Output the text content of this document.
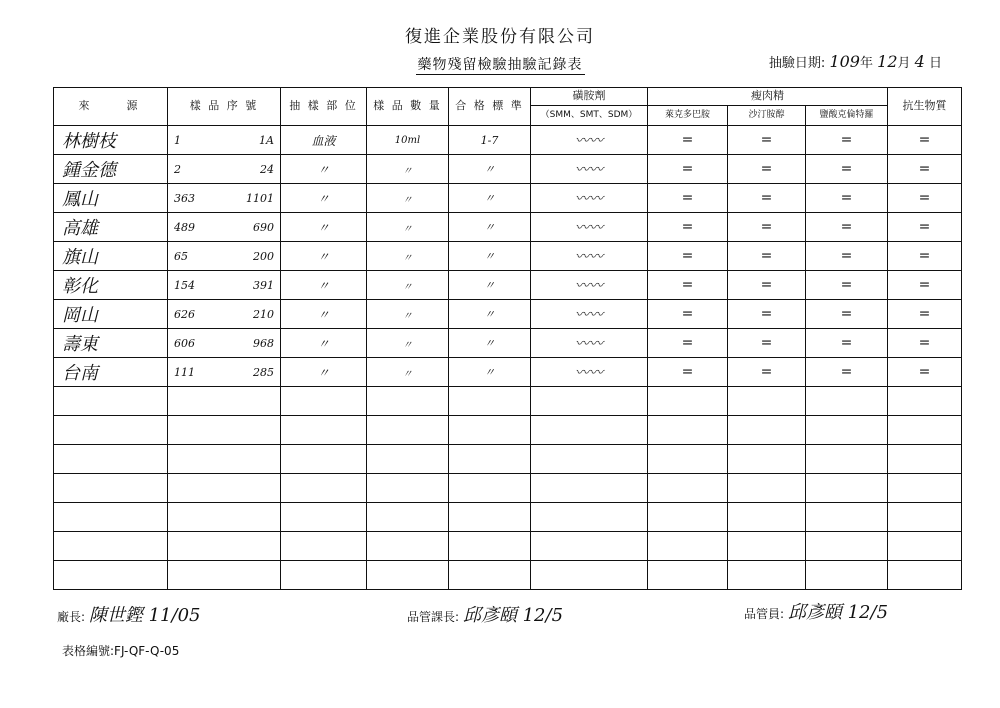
復進企業股份有限公司
藥物殘留檢驗抽驗記錄表	抽驗日期: 109年 12月 4 日
來　　源	樣 品 序 號	抽 樣 部 位	樣 品 數 量	合 格 標 準	磺胺劑	瘦肉精			抗生物質
					（SMM、SMT、SDM）	萊克多巴胺	沙汀胺醇	鹽酸克倫特羅	
林樹枝	1 1A	血液	10ml	1-7	〰〰	=	=	=	=
鍾金德	2 24	〃	〃	〃	〰〰	=	=	=	=
鳳山	363 1101	〃	〃	〃	〰〰	=	=	=	=
高雄	489 690	〃	〃	〃	〰〰	=	=	=	=
旗山	65 200	〃	〃	〃	〰〰	=	=	=	=
彰化	154 391	〃	〃	〃	〰〰	=	=	=	=
岡山	626 210	〃	〃	〃	〰〰	=	=	=	=
壽東	606 968	〃	〃	〃	〰〰	=	=	=	=
台南	111 285	〃	〃	〃	〰〰	=	=	=	=

廠長: 陳世鏗 11/05	品管課長: 邱彥頤 12/5	品管員: 邱彥頤 12/5
表格編號:FJ-QF-Q-05
